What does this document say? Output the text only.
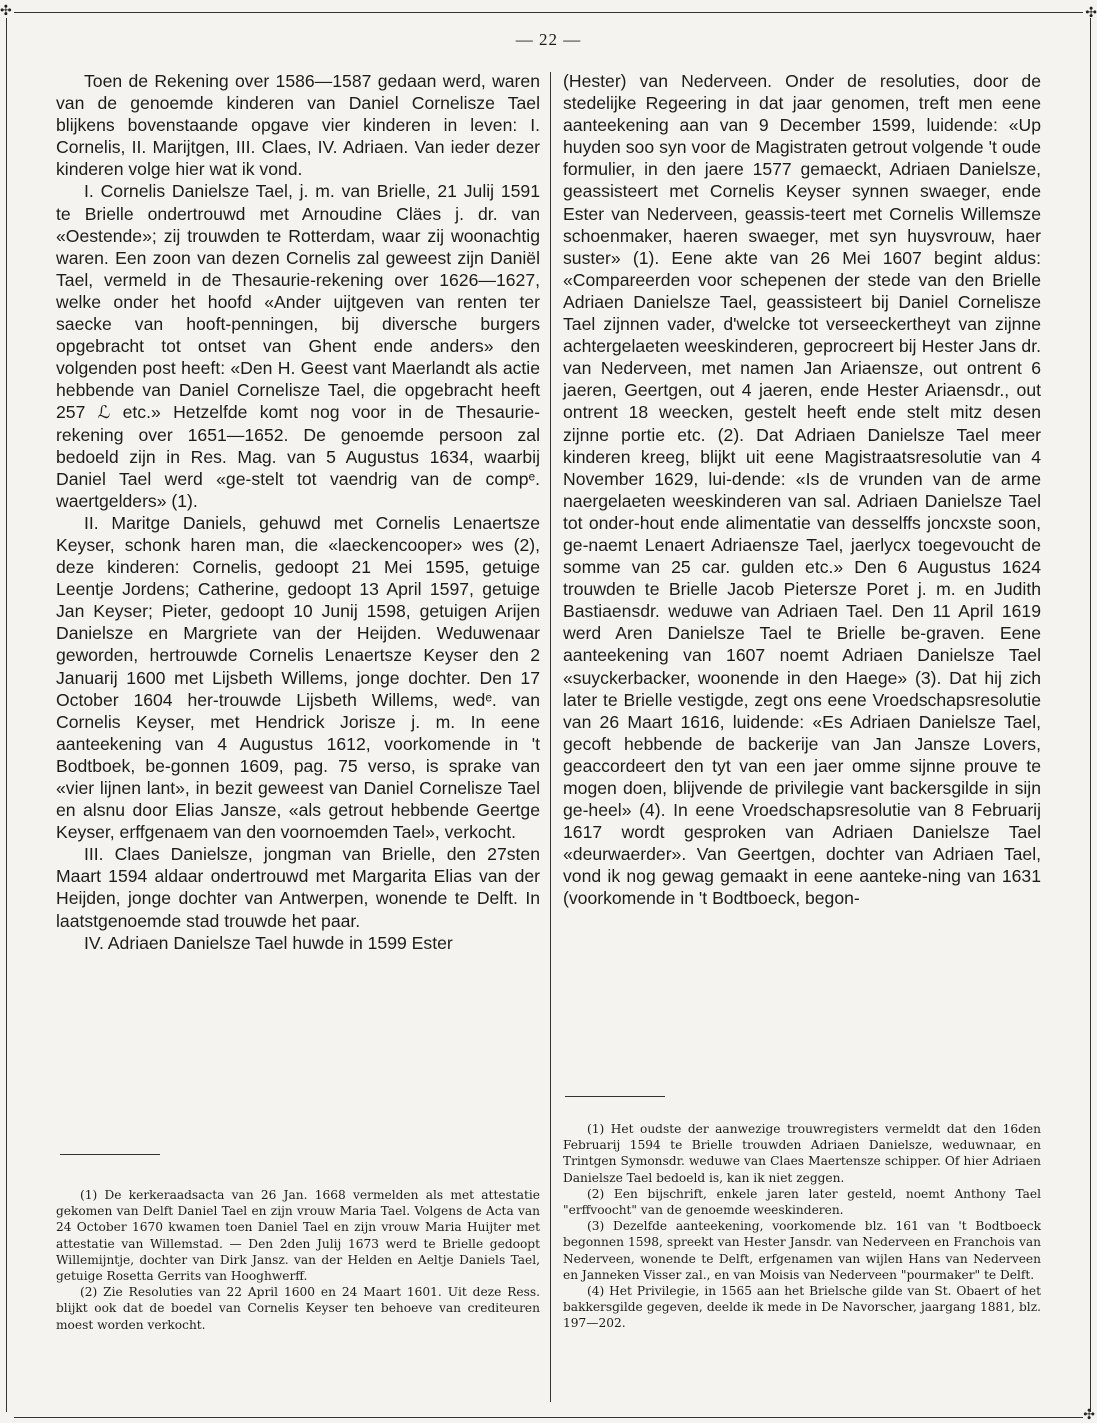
✣	✣
✣
— 22 —

Toen de Rekening over 1586—1587 gedaan werd, waren van de genoemde kinderen van Daniel Cornelisze Tael blijkens bovenstaande opgave vier kinderen in leven: I. Cornelis, II. Marijtgen, III. Claes, IV. Adriaen. Van ieder dezer kinderen volge hier wat ik vond.

I. Cornelis Danielsze Tael, j. m. van Brielle, 21 Julij 1591 te Brielle ondertrouwd met Arnoudine Cläes j. dr. van «Oestende»; zij trouwden te Rotterdam, waar zij woonachtig waren. Een zoon van dezen Cornelis zal geweest zijn Daniël Tael, vermeld in de Thesaurie-rekening over 1626—1627, welke onder het hoofd «Ander uijtgeven van renten ter saecke van hooft-penningen, bij diversche burgers opgebracht tot ontset van Ghent ende anders» den volgenden post heeft: «Den H. Geest vant Maerlandt als actie hebbende van Daniel Cornelisze Tael, die opgebracht heeft 257 ℒ etc.» Hetzelfde komt nog voor in de Thesaurie-rekening over 1651—1652. De genoemde persoon zal bedoeld zijn in Res. Mag. van 5 Augustus 1634, waarbij Daniel Tael werd «ge-stelt tot vaendrig van de compᵉ. waertgelders» (1).

II. Maritge Daniels, gehuwd met Cornelis Lenaertsze Keyser, schonk haren man, die «laeckencooper» wes (2), deze kinderen: Cornelis, gedoopt 21 Mei 1595, getuige Leentje Jordens; Catherine, gedoopt 13 April 1597, getuige Jan Keyser; Pieter, gedoopt 10 Junij 1598, getuigen Arijen Danielsze en Margriete van der Heijden. Weduwenaar geworden, hertrouwde Cornelis Lenaertsze Keyser den 2 Januarij 1600 met Lijsbeth Willems, jonge dochter. Den 17 October 1604 her-trouwde Lijsbeth Willems, wedᵉ. van Cornelis Keyser, met Hendrick Jorisze j. m. In eene aanteekening van 4 Augustus 1612, voorkomende in 't Bodtboek, be-gonnen 1609, pag. 75 verso, is sprake van «vier lijnen lant», in bezit geweest van Daniel Cornelisze Tael en alsnu door Elias Jansze, «als getrout hebbende Geertge Keyser, erffgenaem van den voornoemden Tael», verkocht.

III. Claes Danielsze, jongman van Brielle, den 27sten Maart 1594 aldaar ondertrouwd met Margarita Elias van der Heijden, jonge dochter van Antwerpen, wonende te Delft. In laatstgenoemde stad trouwde het paar.

IV. Adriaen Danielsze Tael huwde in 1599 Ester

(Hester) van Nederveen. Onder de resoluties, door de stedelijke Regeering in dat jaar genomen, treft men eene aanteekening aan van 9 December 1599, luidende: «Up huyden soo syn voor de Magistraten getrout volgende 't oude formulier, in den jaere 1577 gemaeckt, Adriaen Danielsze, geassisteert met Cornelis Keyser synnen swaeger, ende Ester van Nederveen, geassis-teert met Cornelis Willemsze schoenmaker, haeren swaeger, met syn huysvrouw, haer suster» (1). Eene akte van 26 Mei 1607 begint aldus: «Compareerden voor schepenen der stede van den Brielle Adriaen Danielsze Tael, geassisteert bij Daniel Cornelisze Tael zijnnen vader, d'welcke tot verseeckertheyt van zijnne achtergelaeten weeskinderen, geprocreert bij Hester Jans dr. van Nederveen, met namen Jan Ariaensze, out ontrent 6 jaeren, Geertgen, out 4 jaeren, ende Hester Ariaensdr., out ontrent 18 weecken, gestelt heeft ende stelt mitz desen zijnne portie etc. (2). Dat Adriaen Danielsze Tael meer kinderen kreeg, blijkt uit eene Magistraatsresolutie van 4 November 1629, lui-dende: «Is de vrunden van de arme naergelaeten weeskinderen van sal. Adriaen Danielsze Tael tot onder-hout ende alimentatie van desselffs joncxste soon, ge-naemt Lenaert Adriaensze Tael, jaerlycx toegevoucht de somme van 25 car. gulden etc.» Den 6 Augustus 1624 trouwden te Brielle Jacob Pietersze Poret j. m. en Judith Bastiaensdr. weduwe van Adriaen Tael. Den 11 April 1619 werd Aren Danielsze Tael te Brielle be-graven. Eene aanteekening van 1607 noemt Adriaen Danielsze Tael «suyckerbacker, woonende in den Haege» (3). Dat hij zich later te Brielle vestigde, zegt ons eene Vroedschapsresolutie van 26 Maart 1616, luidende: «Es Adriaen Danielsze Tael, gecoft hebbende de backerije van Jan Jansze Lovers, geaccordeert den tyt van een jaer omme sijnne prouve te mogen doen, blijvende de privilegie vant backersgilde in sijn ge-heel» (4). In eene Vroedschapsresolutie van 8 Februarij 1617 wordt gesproken van Adriaen Danielsze Tael «deurwaerder». Van Geertgen, dochter van Adriaen Tael, vond ik nog gewag gemaakt in eene aanteke-ning van 1631 (voorkomende in 't Bodtboeck, begon-

(1) De kerkeraadsacta van 26 Jan. 1668 vermelden als met attestatie gekomen van Delft Daniel Tael en zijn vrouw Maria Tael. Volgens de Acta van 24 October 1670 kwamen toen Daniel Tael en zijn vrouw Maria Huijter met attestatie van Willemstad. — Den 2den Julij 1673 werd te Brielle gedoopt Willemijntje, dochter van Dirk Jansz. van der Helden en Aeltje Daniels Tael, getuige Rosetta Gerrits van Hooghwerff.

(2) Zie Resoluties van 22 April 1600 en 24 Maart 1601. Uit deze Ress. blijkt ook dat de boedel van Cornelis Keyser ten behoeve van crediteuren moest worden verkocht.

(1) Het oudste der aanwezige trouwregisters vermeldt dat den 16den Februarij 1594 te Brielle trouwden Adriaen Danielsze, weduwnaar, en Trintgen Symonsdr. weduwe van Claes Maertensze schipper. Of hier Adriaen Danielsze Tael bedoeld is, kan ik niet zeggen.

(2) Een bijschrift, enkele jaren later gesteld, noemt Anthony Tael "erffvoocht" van de genoemde weeskinderen.

(3) Dezelfde aanteekening, voorkomende blz. 161 van 't Bodtboeck begonnen 1598, spreekt van Hester Jansdr. van Nederveen en Franchois van Nederveen, wonende te Delft, erfgenamen van wijlen Hans van Nederveen en Janneken Visser zal., en van Moisis van Nederveen "pourmaker" te Delft.

(4) Het Privilegie, in 1565 aan het Brielsche gilde van St. Obaert of het bakkersgilde gegeven, deelde ik mede in De Navorscher, jaargang 1881, blz. 197—202.
